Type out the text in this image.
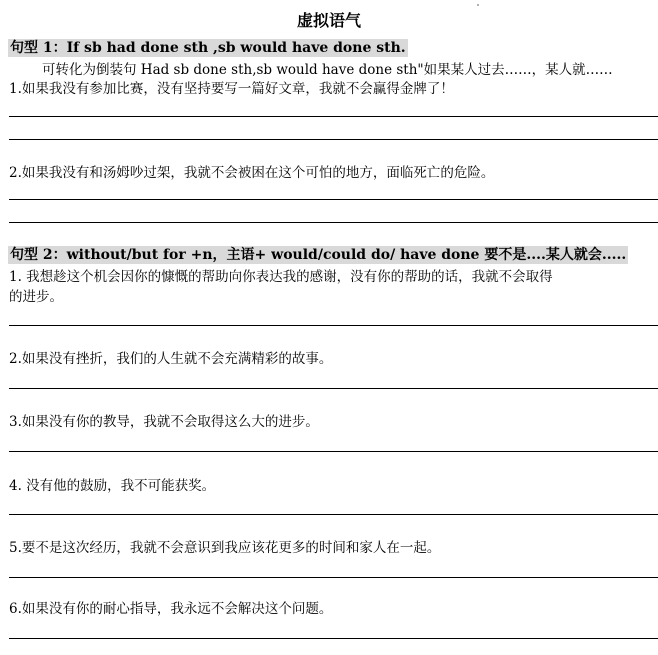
虚拟语气
句型 1：If sb had done sth ,sb would have done sth.
可转化为倒装句 Had sb done sth,sb would have done sth"如果某人过去……，某人就……
1.如果我没有参加比赛，没有坚持要写一篇好文章，我就不会赢得金牌了！
2.如果我没有和汤姆吵过架，我就不会被困在这个可怕的地方，面临死亡的危险。
句型 2：without/but for +n，主语+ would/could do/ have done 要不是....某人就会.....
1. 我想趁这个机会因你的慷慨的帮助向你表达我的感谢，没有你的帮助的话，我就不会取得
的进步。
2.如果没有挫折，我们的人生就不会充满精彩的故事。
3.如果没有你的教导，我就不会取得这么大的进步。
4. 没有他的鼓励，我不可能获奖。
5.要不是这次经历，我就不会意识到我应该花更多的时间和家人在一起。
6.如果没有你的耐心指导，我永远不会解决这个问题。
